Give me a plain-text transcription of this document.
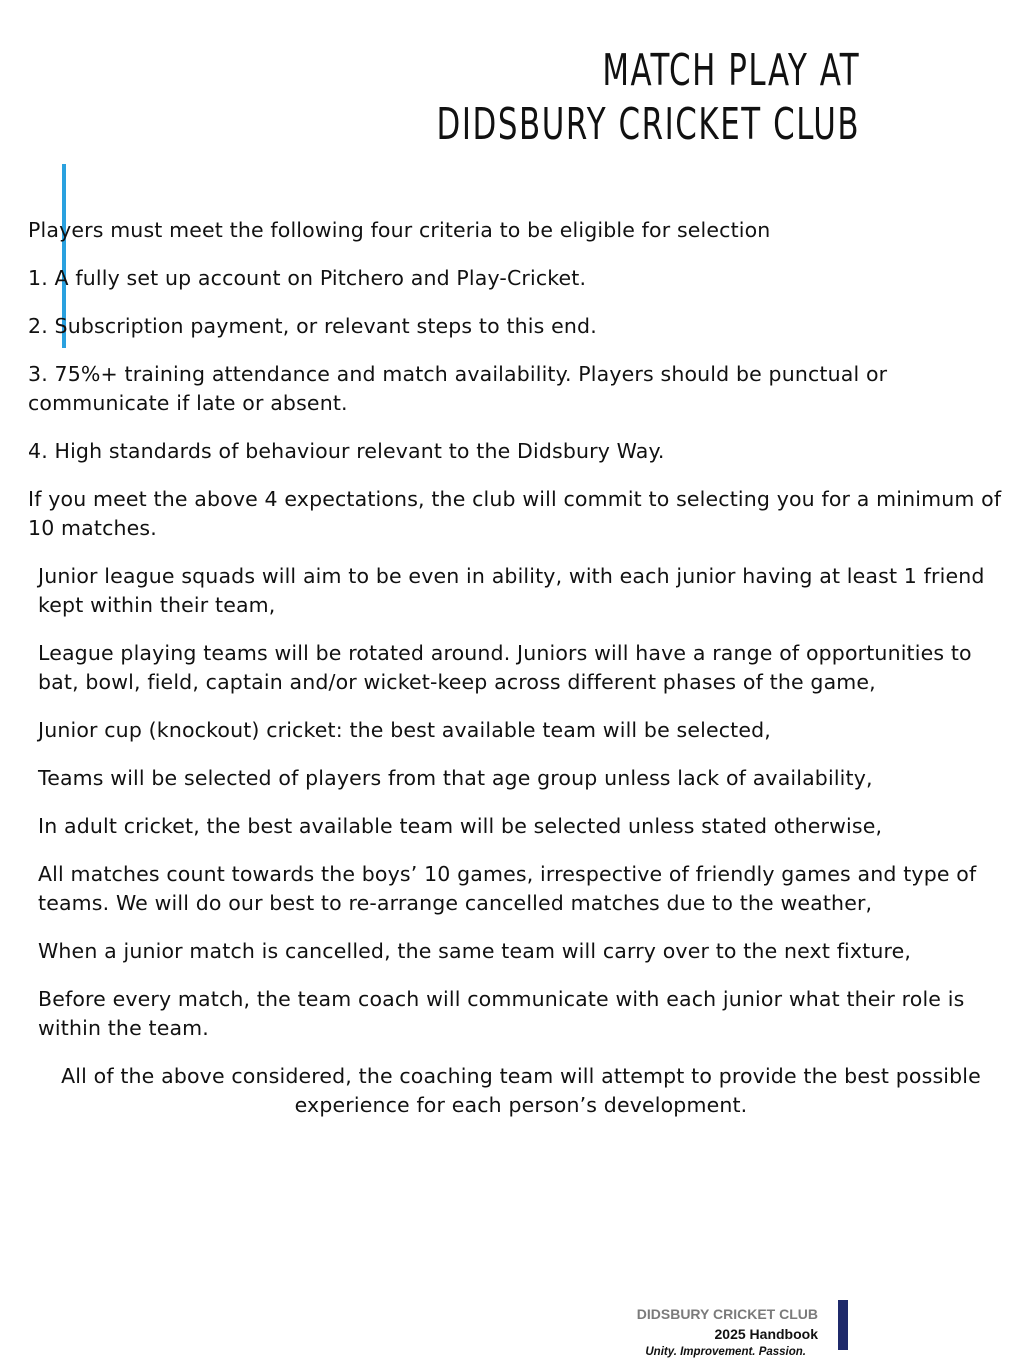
MATCH PLAY AT
DIDSBURY CRICKET CLUB

Players must meet the following four criteria to be eligible for selection

1. A fully set up account on Pitchero and Play-Cricket.

2. Subscription payment, or relevant steps to this end.

3. 75%+ training attendance and match availability. Players should be punctual or communicate if late or absent.

4. High standards of behaviour relevant to the Didsbury Way.

If you meet the above 4 expectations, the club will commit to selecting you for a minimum of 10 matches.

Junior league squads will aim to be even in ability, with each junior having at least 1 friend kept within their team,

League playing teams will be rotated around. Juniors will have a range of opportunities to bat, bowl, field, captain and/or wicket-keep across different phases of the game,

Junior cup (knockout) cricket: the best available team will be selected,

Teams will be selected of players from that age group unless lack of availability,

In adult cricket, the best available team will be selected unless stated otherwise,

All matches count towards the boys’ 10 games, irrespective of friendly games and type of teams. We will do our best to re-arrange cancelled matches due to the weather,

When a junior match is cancelled, the same team will carry over to the next fixture,

Before every match, the team coach will communicate with each junior what their role is within the team.

All of the above considered, the coaching team will attempt to provide the best possible experience for each person’s development.

DIDSBURY CRICKET CLUB
2025 Handbook
Unity. Improvement. Passion.
